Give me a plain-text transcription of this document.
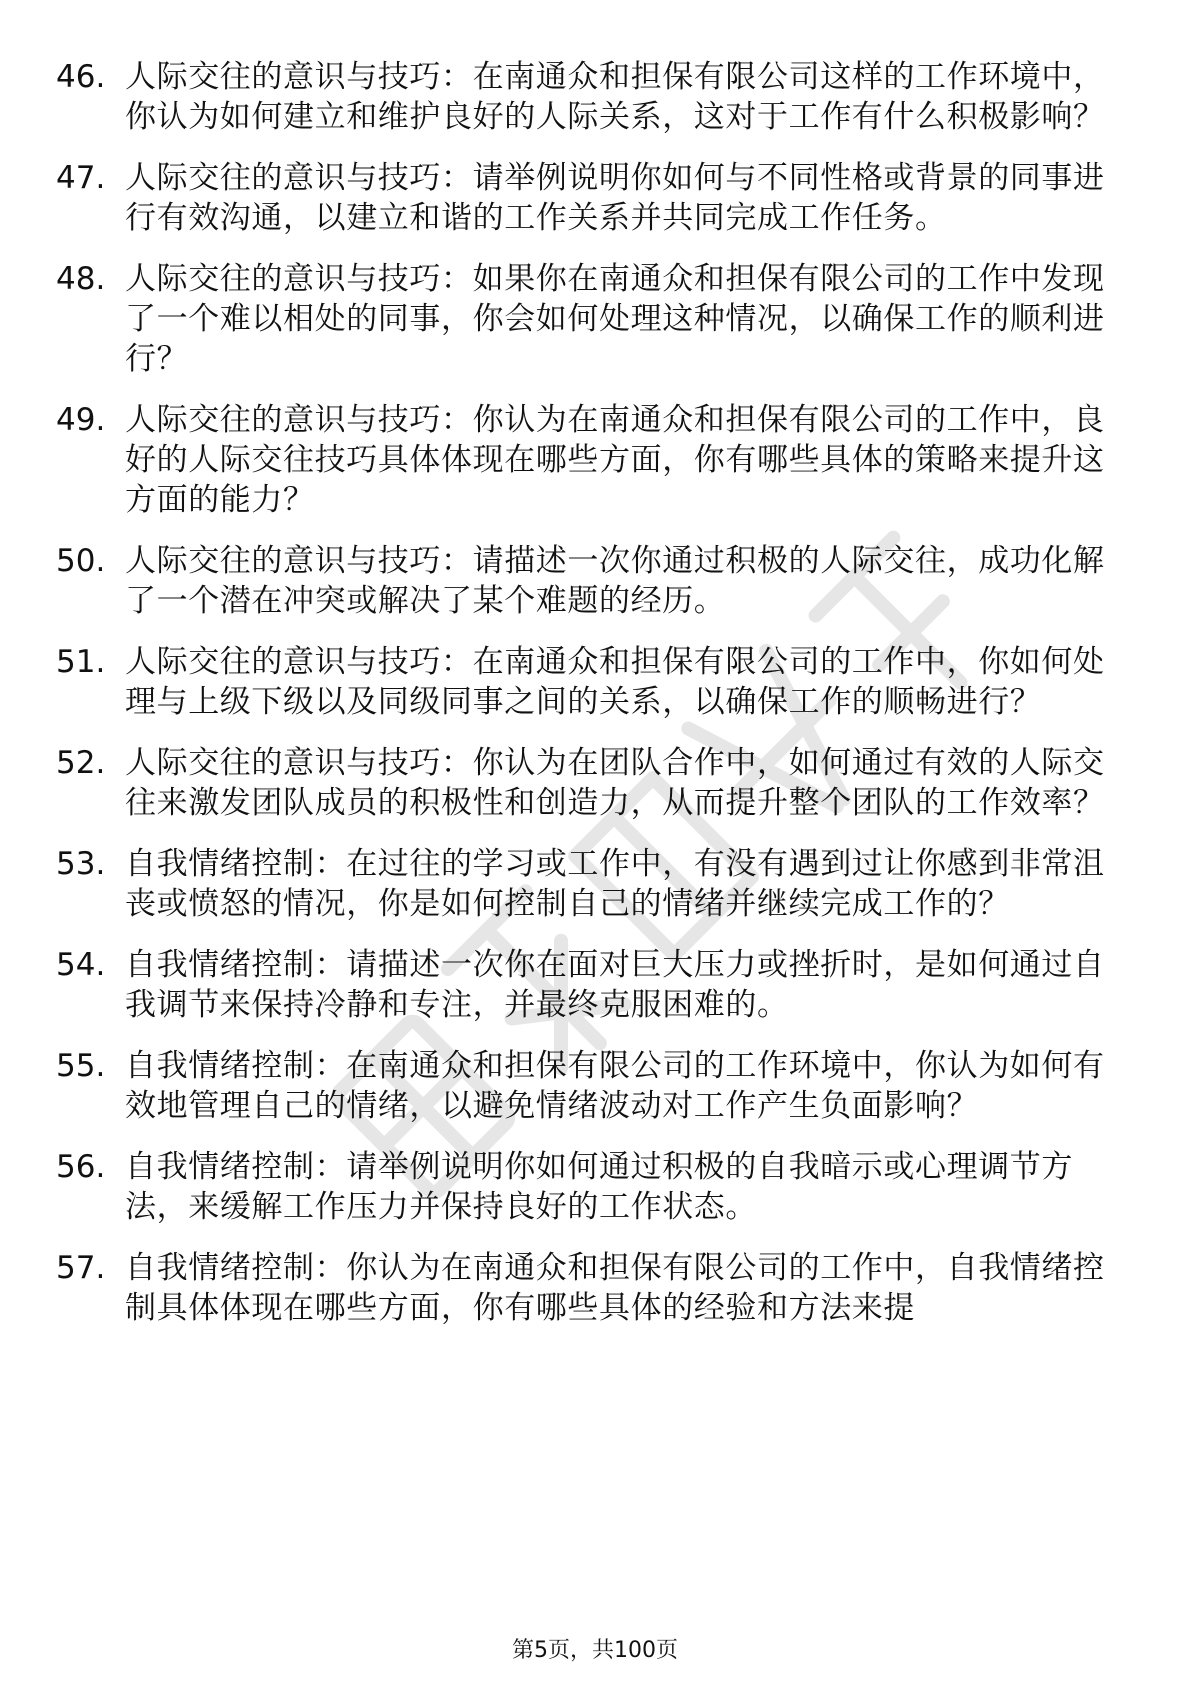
46. 人际交往的意识与技巧：在南通众和担保有限公司这样的工作环境中，你认为如何建立和维护良好的人际关系，这对于工作有什么积极影响？
47. 人际交往的意识与技巧：请举例说明你如何与不同性格或背景的同事进行有效沟通，以建立和谐的工作关系并共同完成工作任务。
48. 人际交往的意识与技巧：如果你在南通众和担保有限公司的工作中发现了一个难以相处的同事，你会如何处理这种情况，以确保工作的顺利进行？
49. 人际交往的意识与技巧：你认为在南通众和担保有限公司的工作中，良好的人际交往技巧具体体现在哪些方面，你有哪些具体的策略来提升这方面的能力？
50. 人际交往的意识与技巧：请描述一次你通过积极的人际交往，成功化解了一个潜在冲突或解决了某个难题的经历。
51. 人际交往的意识与技巧：在南通众和担保有限公司的工作中，你如何处理与上级下级以及同级同事之间的关系，以确保工作的顺畅进行？
52. 人际交往的意识与技巧：你认为在团队合作中，如何通过有效的人际交往来激发团队成员的积极性和创造力，从而提升整个团队的工作效率？
53. 自我情绪控制：在过往的学习或工作中，有没有遇到过让你感到非常沮丧或愤怒的情况，你是如何控制自己的情绪并继续完成工作的？
54. 自我情绪控制：请描述一次你在面对巨大压力或挫折时，是如何通过自我调节来保持冷静和专注，并最终克服困难的。
55. 自我情绪控制：在南通众和担保有限公司的工作环境中，你认为如何有效地管理自己的情绪，以避免情绪波动对工作产生负面影响？
56. 自我情绪控制：请举例说明你如何通过积极的自我暗示或心理调节方法，来缓解工作压力并保持良好的工作状态。
57. 自我情绪控制：你认为在南通众和担保有限公司的工作中，自我情绪控制具体体现在哪些方面，你有哪些具体的经验和方法来提
第5页，共100页
